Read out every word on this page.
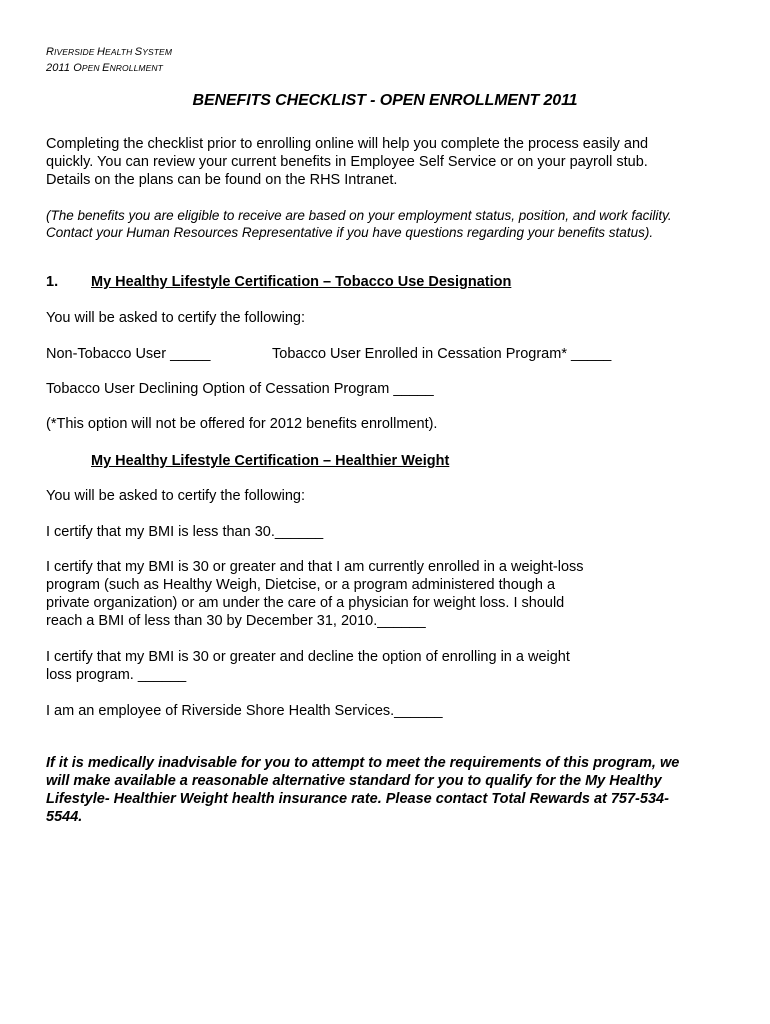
RIVERSIDE HEALTH SYSTEM
2011 OPEN ENROLLMENT
BENEFITS CHECKLIST - OPEN ENROLLMENT 2011
Completing the checklist prior to enrolling online will help you complete the process easily and
quickly. You can review your current benefits in Employee Self Service or on your payroll stub.
Details on the plans can be found on the RHS Intranet.
(The benefits you are eligible to receive are based on your employment status, position, and work facility.
Contact your Human Resources Representative if you have questions regarding your benefits status).
1. My Healthy Lifestyle Certification – Tobacco Use Designation
You will be asked to certify the following:
Non-Tobacco User _____	Tobacco User Enrolled in Cessation Program* _____
Tobacco User Declining Option of Cessation Program _____
(*This option will not be offered for 2012 benefits enrollment).
My Healthy Lifestyle Certification – Healthier Weight
You will be asked to certify the following:
I certify that my BMI is less than 30.______
I certify that my BMI is 30 or greater and that I am currently enrolled in a weight-loss
program (such as Healthy Weigh, Dietcise, or a program administered though a
private organization) or am under the care of a physician for weight loss. I should
reach a BMI of less than 30 by December 31, 2010.______
I certify that my BMI is 30 or greater and decline the option of enrolling in a weight
loss program. ______
I am an employee of Riverside Shore Health Services.______
If it is medically inadvisable for you to attempt to meet the requirements of this program, we
will make available a reasonable alternative standard for you to qualify for the My Healthy
Lifestyle- Healthier Weight health insurance rate. Please contact Total Rewards at 757-534-
5544.
